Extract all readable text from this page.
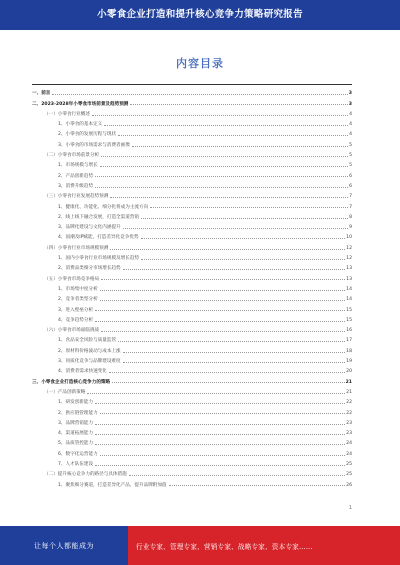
小零食企业打造和提升核心竞争力策略研究报告
内容目录
一、前言	3
二、2023-2028年小零食市场前景及趋势预测	3
（一）小零食行业概述	4
1、小零食的基本定义	4
2、小零食的发展历程与现状	4
3、小零食的市场需求与消费者画像	5
（二）小零食市场前景分析	5
1、市场规模与增长	5
2、产品创新趋势	6
3、消费升级趋势	6
（三）小零食行业发展趋势预测	7
1、健康化、功能化、细分化将成为主流方向	7
2、线上线下融合发展，打造全渠道营销	8
3、品牌化建设与文化内涵提升	9
4、国潮及IP赋能，打造差异化竞争优势	10
（四）小零食行业市场规模预测	12
1、国内小零食行业市场规模及增长趋势	12
2、消费品类细分市场增长趋势	13
（五）小零食市场竞争格局	13
1、市场集中度分析	14
2、竞争者类型分析	14
3、进入壁垒分析	15
4、竞争趋势分析	15
（六）小零食市场面临挑战	16
1、食品安全风险与质量监管	17
2、原材料价格波动与成本上涨	18
3、同质化竞争与品牌建设难度	19
4、消费者需求快速变化	20
三、小零食企业打造核心竞争力的策略	21
（一）产品创新策略	21
1、研发创新能力	22
2、供应链管理能力	22
3、品牌营销能力	23
4、渠道拓展能力	23
5、品质管控能力	24
6、数字化运营能力	24
7、人才队伍建设	25
（二）提升核心竞争力的路径与具体措施	25
1、聚焦细分赛道，打造差异化产品，提升品牌附加值	26
1
让每个人都能成为	行业专家、管理专家、营销专家、战略专家、资本专家……
